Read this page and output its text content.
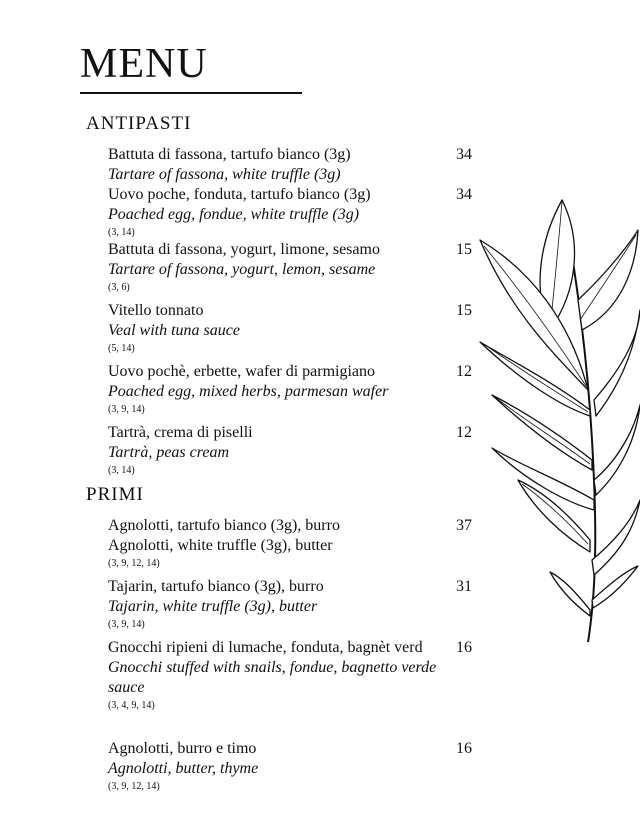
MENU
ANTIPASTI
Battuta di fassona, tartufo bianco (3g)
Tartare of fassona, white truffle (3g)
34
Uovo poche, fonduta, tartufo bianco (3g)
Poached egg, fondue, white truffle (3g)
(3, 14)
34
Battuta di fassona, yogurt, limone, sesamo
Tartare of fassona, yogurt, lemon, sesame
(3, 6)
15
Vitello tonnato
Veal with tuna sauce
(5, 14)
15
Uovo pochè, erbette, wafer di parmigiano
Poached egg, mixed herbs, parmesan wafer
(3, 9, 14)
12
Tartrà, crema di piselli
Tartrà, peas cream
(3, 14)
12
PRIMI
Agnolotti, tartufo bianco (3g), burro
Agnolotti, white truffle (3g), butter
(3, 9, 12, 14)
37
Tajarin, tartufo bianco (3g), burro
Tajarin, white truffle (3g), butter
(3, 9, 14)
31
Gnocchi ripieni di lumache, fonduta, bagnèt verd
Gnocchi stuffed with snails, fondue, bagnetto verde sauce
(3, 4, 9, 14)
16
Agnolotti, burro e timo
Agnolotti, butter, thyme
(3, 9, 12, 14)
16
